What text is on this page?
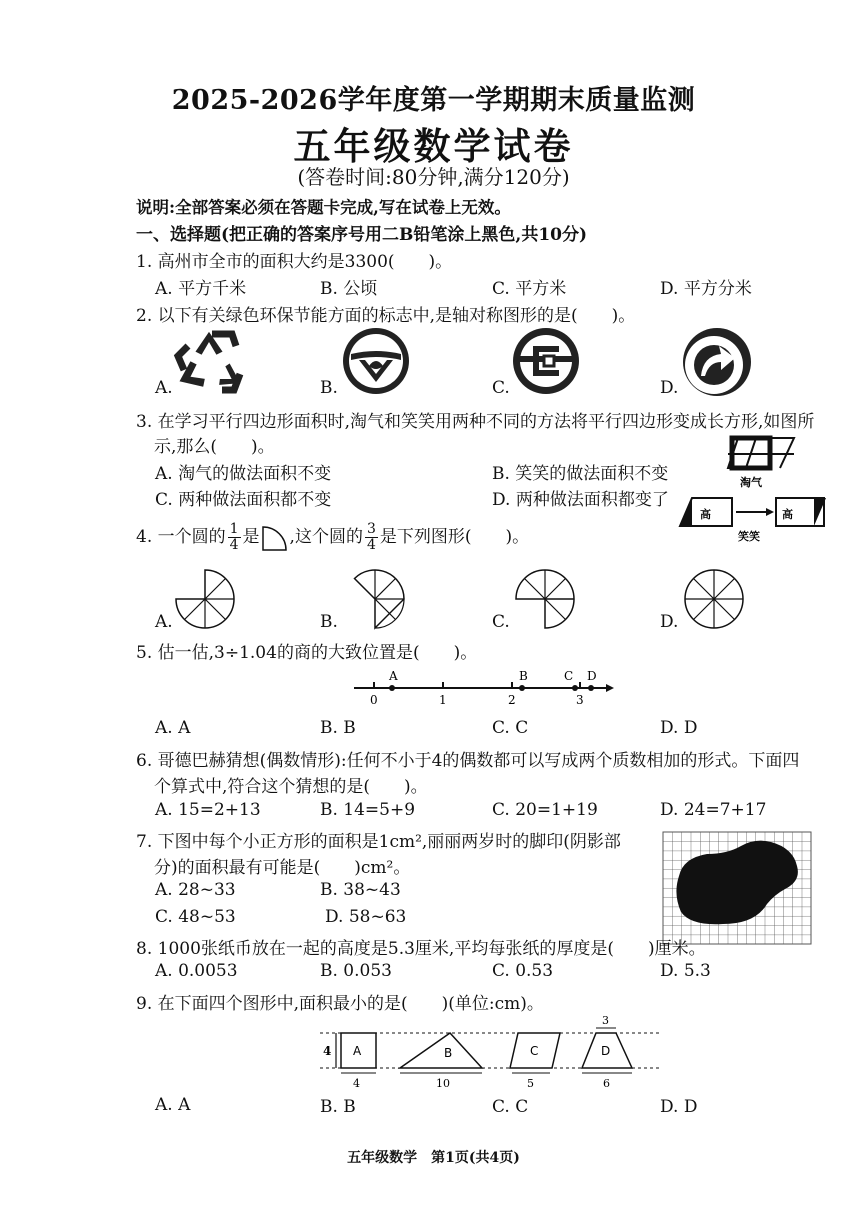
2025-2026学年度第一学期期末质量监测
五年级数学试卷
(答卷时间:80分钟,满分120分)
说明:全部答案必须在答题卡完成,写在试卷上无效。
一、选择题(把正确的答案序号用二B铅笔涂上黑色,共10分)
1. 高州市全市的面积大约是3300(　　)。
A. 平方千米	B. 公顷	C. 平方米	D. 平方分米
2. 以下有关绿色环保节能方面的标志中,是轴对称图形的是(　　)。
A.	B.	C.	D.
3. 在学习平行四边形面积时,淘气和笑笑用两种不同的方法将平行四边形变成长方形,如图所
示,那么(　　)。
A. 淘气的做法面积不变	B. 笑笑的做法面积不变
C. 两种做法面积都不变	D. 两种做法面积都变了
淘气
高	高
笑笑
4. 一个圆的 $\frac{1}{4}$ 是 ,这个圆的 $\frac{3}{4}$ 是下列图形(　　)。
A.	B.	C.	D.
5. 估一估,3÷1.04的商的大致位置是(　　)。
0	1	2	3
A	B	C D
A. A	B. B	C. C	D. D
6. 哥德巴赫猜想(偶数情形):任何不小于4的偶数都可以写成两个质数相加的形式。下面四
个算式中,符合这个猜想的是(　　)。
A. 15=2+13	B. 14=5+9	C. 20=1+19	D. 24=7+17
7. 下图中每个小正方形的面积是1cm²,丽丽两岁时的脚印(阴影部
分)的面积最有可能是(　　)cm²。
A. 28~33	B. 38~43
C. 48~53	D. 58~63
8. 1000张纸币放在一起的高度是5.3厘米,平均每张纸的厚度是(　　)厘米。
A. 0.0053	B. 0.053	C. 0.53	D. 5.3
9. 在下面四个图形中,面积最小的是(　　)(单位:cm)。
4 A
4
B
10
C
5
D
3
6
A. A	B. B	C. C	D. D
五年级数学　第1页(共4页)
